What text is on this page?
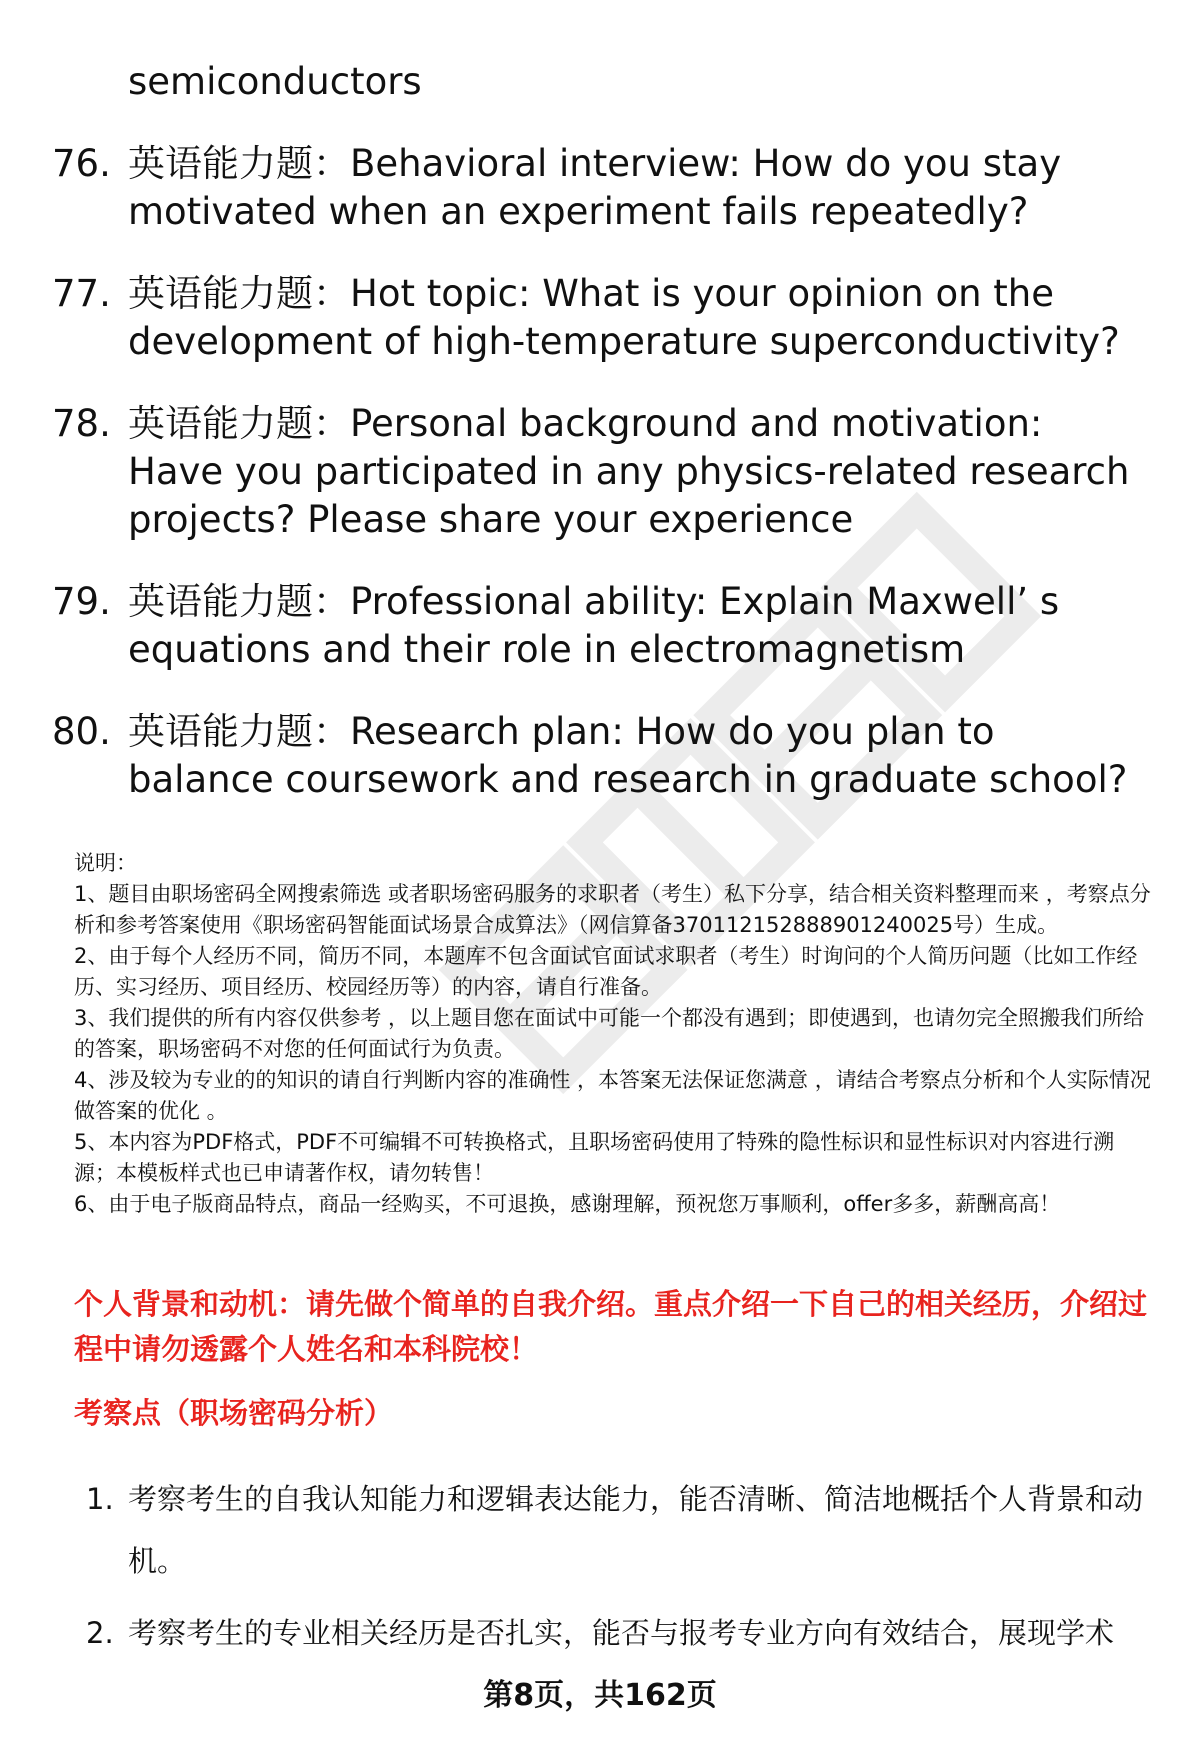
semiconductors

76. 英语能力题：Behavioral interview: How do you stay motivated when an experiment fails repeatedly?
77. 英语能力题：Hot topic: What is your opinion on the development of high-temperature superconductivity?
78. 英语能力题：Personal background and motivation: Have you participated in any physics-related research projects? Please share your experience
79. 英语能力题：Professional ability: Explain Maxwell’ s equations and their role in electromagnetism
80. 英语能力题：Research plan: How do you plan to balance coursework and research in graduate school?

说明：

1、题目由职场密码全网搜索筛选 或者职场密码服务的求职者（考生）私下分享，结合相关资料整理而来 ，考察点分析和参考答案使用《职场密码智能面试场景合成算法》（网信算备370112152888901240025号）生成。

2、由于每个人经历不同，简历不同，本题库不包含面试官面试求职者（考生）时询问的个人简历问题（比如工作经历、实习经历、项目经历、校园经历等）的内容，请自行准备。

3、我们提供的所有内容仅供参考 ，以上题目您在面试中可能一个都没有遇到；即使遇到，也请勿完全照搬我们所给的答案，职场密码不对您的任何面试行为负责。

4、涉及较为专业的的知识的请自行判断内容的准确性 ，本答案无法保证您满意 ，请结合考察点分析和个人实际情况做答案的优化 。

5、本内容为PDF格式，PDF不可编辑不可转换格式，且职场密码使用了特殊的隐性标识和显性标识对内容进行溯源；本模板样式也已申请著作权，请勿转售！

6、由于电子版商品特点，商品一经购买，不可退换，感谢理解，预祝您万事顺利，offer多多，薪酬高高！

个人背景和动机：请先做个简单的自我介绍。重点介绍一下自己的相关经历，介绍过程中请勿透露个人姓名和本科院校！

考察点（职场密码分析）

1. 考察考生的自我认知能力和逻辑表达能力，能否清晰、简洁地概括个人背景和动机。
2. 考察考生的专业相关经历是否扎实，能否与报考专业方向有效结合，展现学术
第8页，共162页
